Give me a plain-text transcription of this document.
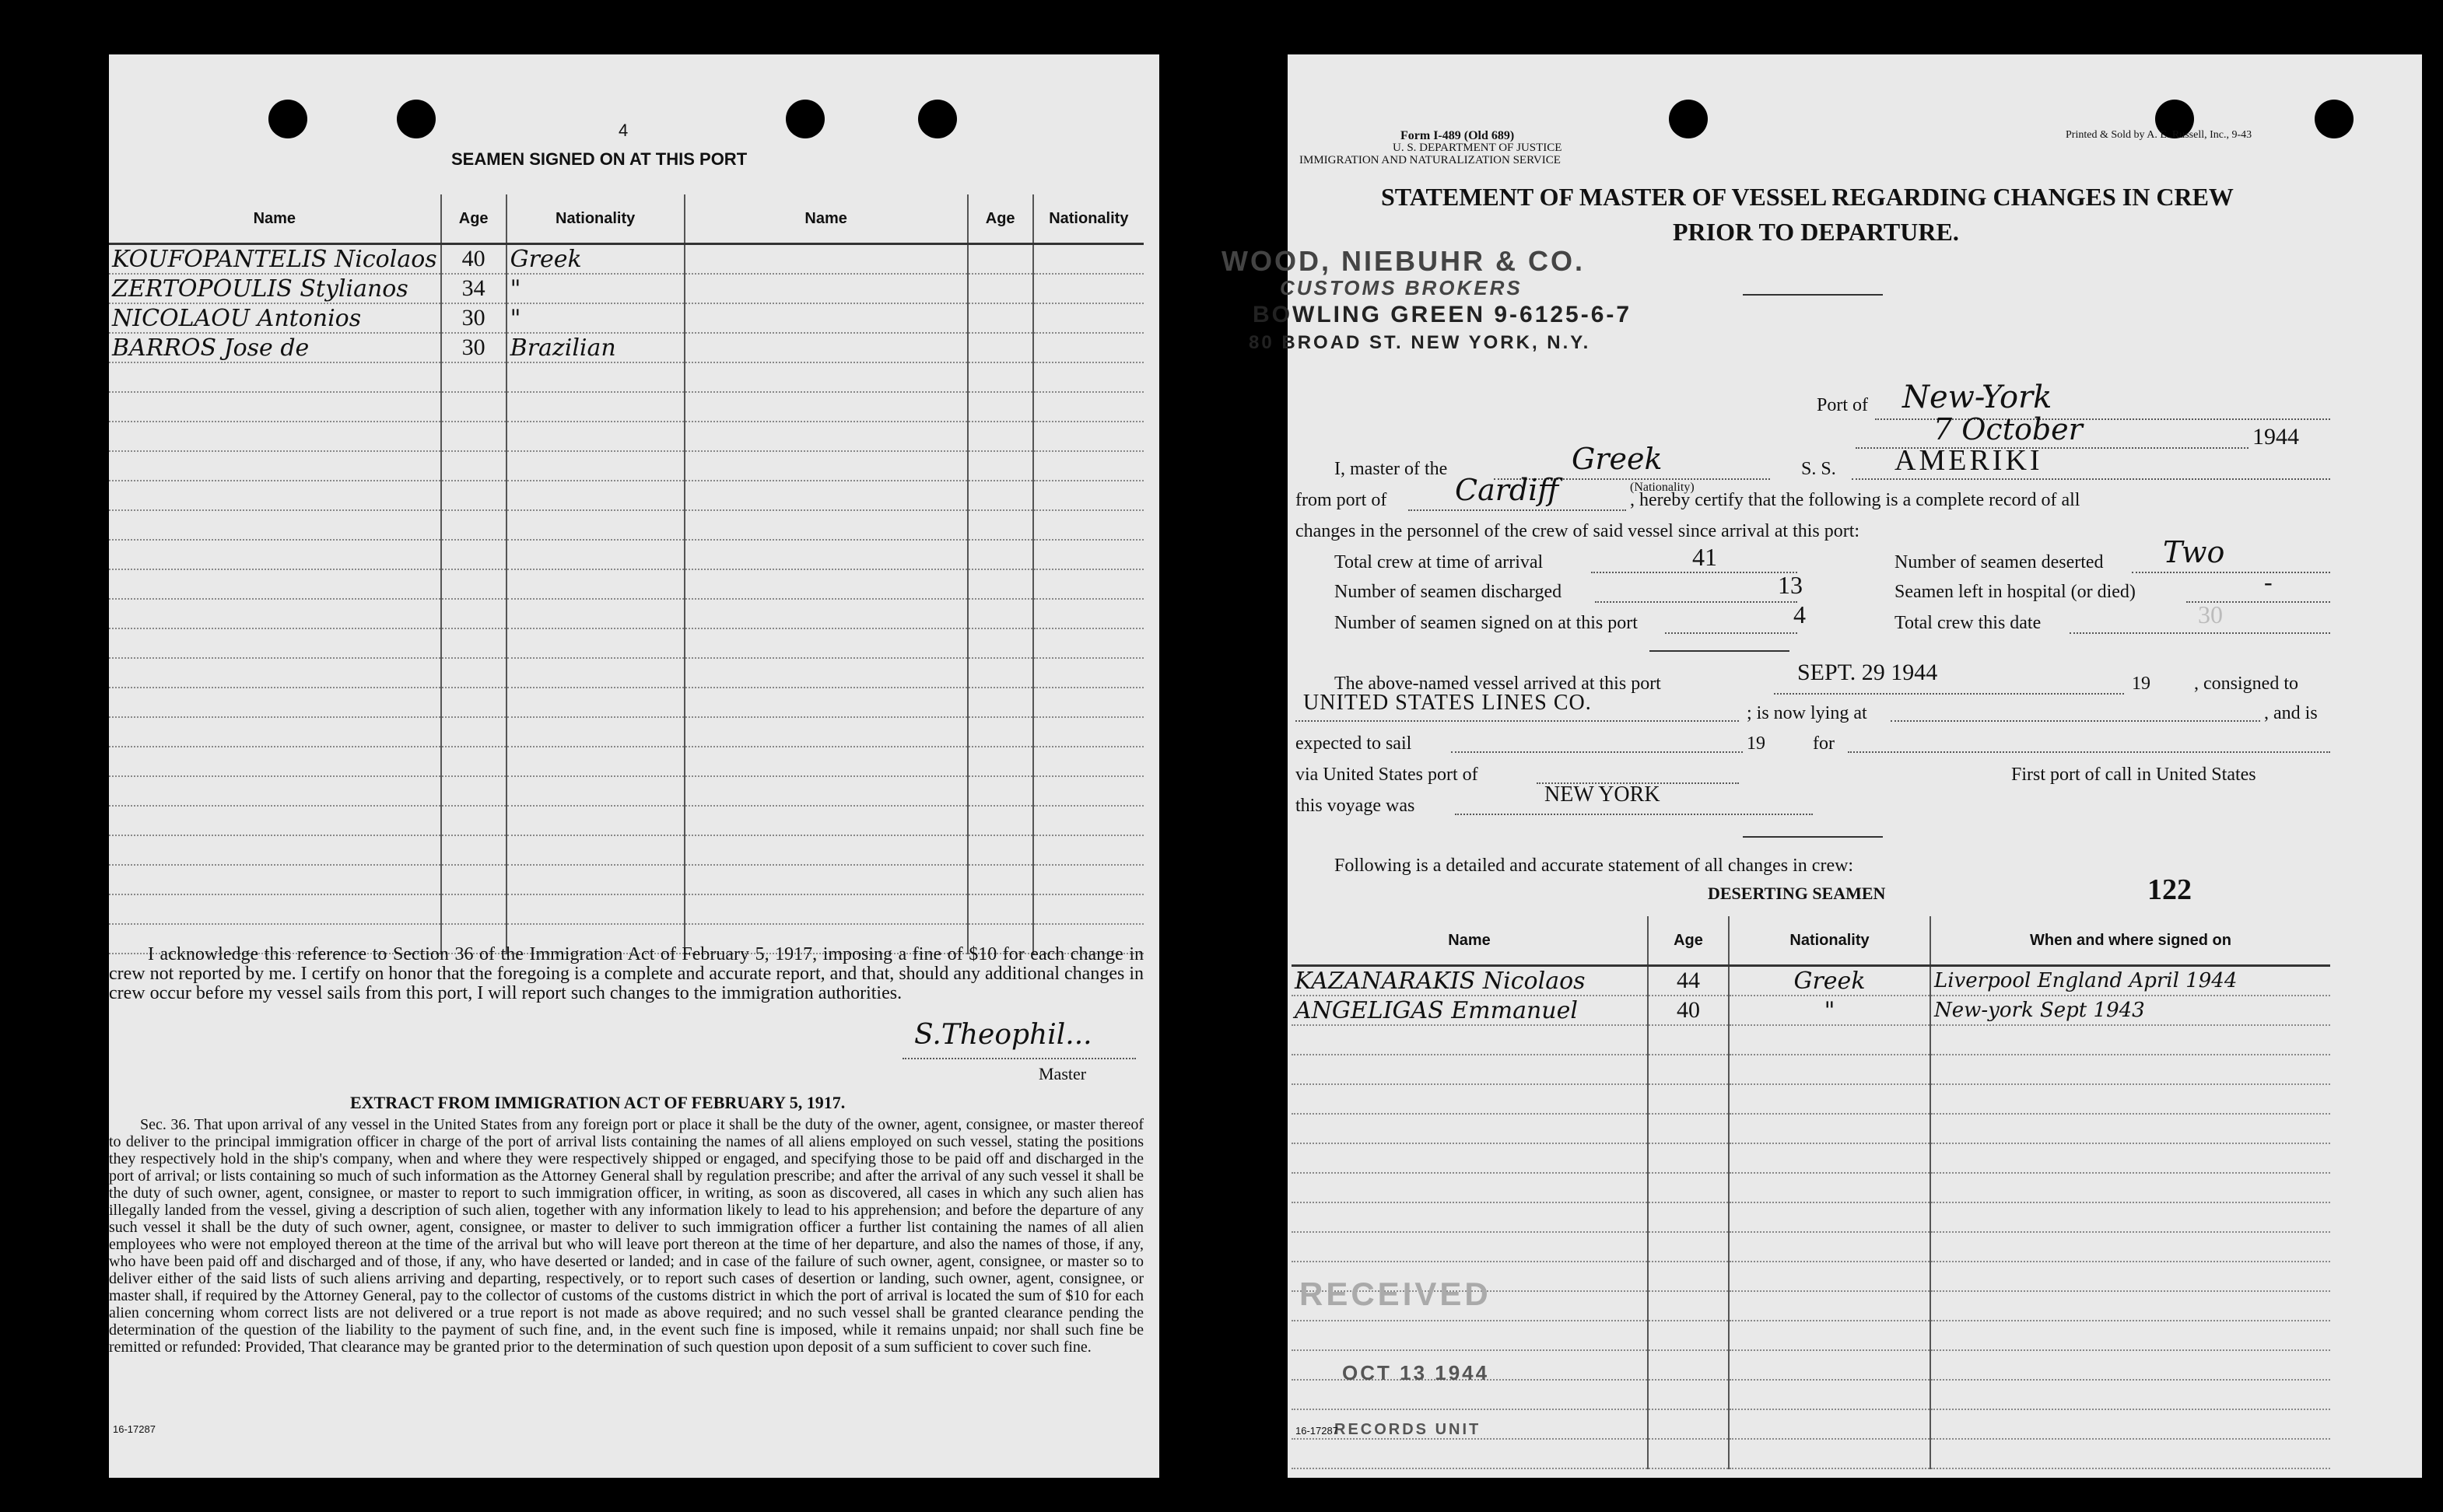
4
SEAMEN SIGNED ON AT THIS PORT
Name	Age	Nationality	Name	Age	Nationality
KOUFOPANTELIS Nicolaos	40	Greek			
ZERTOPOULIS Stylianos	34	"			
NICOLAOU Antonios	30	"			
BARROS Jose de	30	Brazilian			

I acknowledge this reference to Section 36 of the Immigration Act of February 5, 1917, imposing a fine of $10 for each change in crew not reported by me. I certify on honor that the foregoing is a complete and accurate report, and that, should any additional changes in crew occur before my vessel sails from this port, I will report such changes to the immigration authorities.
S.Theophil...
Master
EXTRACT FROM IMMIGRATION ACT OF FEBRUARY 5, 1917.
Sec. 36. That upon arrival of any vessel in the United States from any foreign port or place it shall be the duty of the owner, agent, consignee, or master thereof to deliver to the principal immigration officer in charge of the port of arrival lists containing the names of all aliens employed on such vessel, stating the positions they respectively hold in the ship's company, when and where they were respectively shipped or engaged, and specifying those to be paid off and discharged in the port of arrival; or lists containing so much of such information as the Attorney General shall by regulation prescribe; and after the arrival of any such vessel it shall be the duty of such owner, agent, consignee, or master to report to such immigration officer, in writing, as soon as discovered, all cases in which any such alien has illegally landed from the vessel, giving a description of such alien, together with any information likely to lead to his apprehension; and before the departure of any such vessel it shall be the duty of such owner, agent, consignee, or master to deliver to such immigration officer a further list containing the names of all alien employees who were not employed thereon at the time of the arrival but who will leave port thereon at the time of her departure, and also the names of those, if any, who have been paid off and discharged and of those, if any, who have deserted or landed; and in case of the failure of such owner, agent, consignee, or master so to deliver either of the said lists of such aliens arriving and departing, respectively, or to report such cases of desertion or landing, such owner, agent, consignee, or master shall, if required by the Attorney General, pay to the collector of customs of the customs district in which the port of arrival is located the sum of $10 for each alien concerning whom correct lists are not delivered or a true report is not made as above required; and no such vessel shall be granted clearance pending the determination of the question of the liability to the payment of such fine, and, in the event such fine is imposed, while it remains unpaid; nor shall such fine be remitted or refunded: Provided, That clearance may be granted prior to the determination of such question upon deposit of a sum sufficient to cover such fine.
16-17287
Form I-489 (Old 689)
U. S. DEPARTMENT OF JUSTICE
IMMIGRATION AND NATURALIZATION SERVICE
Printed & Sold by A. E. Russell, Inc., 9-43
STATEMENT OF MASTER OF VESSEL REGARDING CHANGES IN CREW
PRIOR TO DEPARTURE.
WOOD, NIEBUHR & CO.
CUSTOMS BROKERS
BOWLING GREEN 9-6125-6-7
80 BROAD ST. NEW YORK, N.Y.
Port of New-York
7 October	1944
I, master of the	Greek
(Nationality)
S. S. AMERIKI
from port of Cardiff	, hereby certify that the following is a complete record of all
changes in the personnel of the crew of said vessel since arrival at this port:
Total crew at time of arrival	41	Number of seamen deserted Two
Number of seamen discharged	13	Seamen left in hospital (or died)	-
Number of seamen signed on at this port	4	Total crew this date	30
The above-named vessel arrived at this port	SEPT. 29 1944	19 , consigned to
UNITED STATES LINES CO.	; is now lying at	, and is
expected to sail	19	for
via United States port of	First port of call in United States
this voyage was	NEW YORK
Following is a detailed and accurate statement of all changes in crew:
DESERTING SEAMEN	122
Name	Age	Nationality	When and where signed on
KAZANARAKIS Nicolaos	44	Greek	Liverpool England April 1944
ANGELIGAS Emmanuel	40	"	New-york Sept 1943

RECEIVED
OCT 13 1944
RECORDS UNIT
16-17287
